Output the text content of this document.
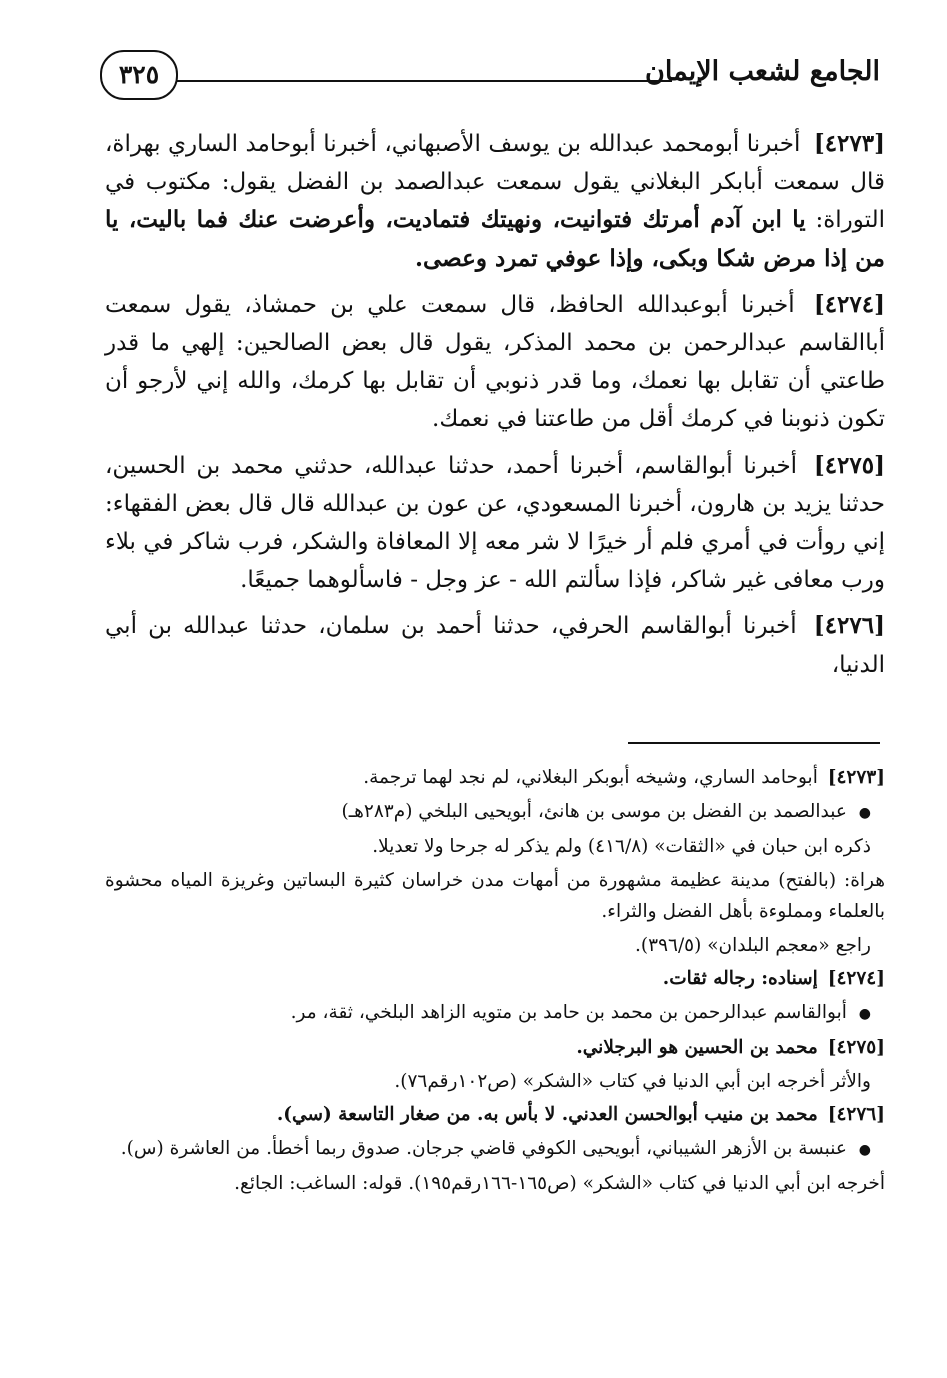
الجامع لشعب الإيمان
٣٢٥

[٤٢٧٣] أخبرنا أبومحمد عبدالله بن يوسف الأصبهاني، أخبرنا أبوحامد الساري بهراة، قال سمعت أبابكر البغلاني يقول سمعت عبدالصمد بن الفضل يقول: مكتوب في التوراة: يا ابن آدم أمرتك فتوانيت، ونهيتك فتماديت، وأعرضت عنك فما باليت، يا من إذا مرض شكا وبكى، وإذا عوفي تمرد وعصى.

[٤٢٧٤] أخبرنا أبوعبدالله الحافظ، قال سمعت علي بن حمشاذ، يقول سمعت أباالقاسم عبدالرحمن بن محمد المذكر، يقول قال بعض الصالحين: إلهي ما قدر طاعتي أن تقابل بها نعمك، وما قدر ذنوبي أن تقابل بها كرمك، والله إني لأرجو أن تكون ذنوبنا في كرمك أقل من طاعتنا في نعمك.

[٤٢٧٥] أخبرنا أبوالقاسم، أخبرنا أحمد، حدثنا عبدالله، حدثني محمد بن الحسين، حدثنا يزيد بن هارون، أخبرنا المسعودي، عن عون بن عبدالله قال قال بعض الفقهاء: إني روأت في أمري فلم أر خيرًا لا شر معه إلا المعافاة والشكر، فرب شاكر في بلاء ورب معافى غير شاكر، فإذا سألتم الله - عز وجل - فاسألوهما جميعًا.

[٤٢٧٦] أخبرنا أبوالقاسم الحرفي، حدثنا أحمد بن سلمان، حدثنا عبدالله بن أبي الدنيا،

[٤٢٧٣] أبوحامد الساري، وشيخه أبوبكر البغلاني، لم نجد لهما ترجمة.

● عبدالصمد بن الفضل بن موسى بن هانئ، أبويحيى البلخي (م٢٨٣هـ)

ذكره ابن حبان في «الثقات» (٤١٦/٨) ولم يذكر له جرحا ولا تعديلا.

هراة: (بالفتح) مدينة عظيمة مشهورة من أمهات مدن خراسان كثيرة البساتين وغريزة المياه محشوة بالعلماء ومملوءة بأهل الفضل والثراء.

راجع «معجم البلدان» (٣٩٦/٥).

[٤٢٧٤] إسناده: رجاله ثقات.

● أبوالقاسم عبدالرحمن بن محمد بن حامد بن متويه الزاهد البلخي، ثقة، مر.

[٤٢٧٥] محمد بن الحسين هو البرجلاني.

والأثر أخرجه ابن أبي الدنيا في كتاب «الشكر» (ص١٠٢رقم٧٦).

[٤٢٧٦] محمد بن منيب أبوالحسن العدني. لا بأس به. من صغار التاسعة (سي).

● عنبسة بن الأزهر الشيباني، أبويحيى الكوفي قاضي جرجان. صدوق ربما أخطأ. من العاشرة (س).

أخرجه ابن أبي الدنيا في كتاب «الشكر» (ص١٦٥-١٦٦رقم١٩٥). قوله: الساغب: الجائع.
